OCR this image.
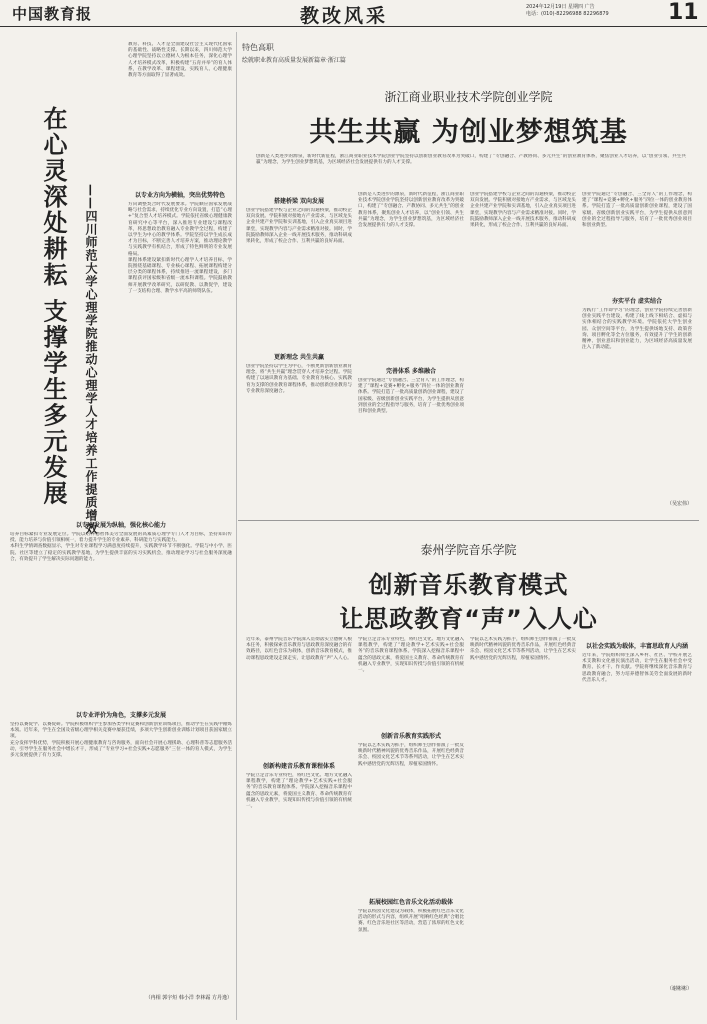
中国教育报	教改风采	2024年12月19日 星期四 广告
电话：(010)-82296988 82296879	11
教育、科技、人才是全面建设社会主义现代化国家的基础性、战略性支撑。长期以来，四川师范大学心理学院坚持以立德树人为根本任务，深化心理学人才培养模式改革，积极构建“五育并举”的育人体系，在教学改革、课程建设、实践育人、心理健康教育等方面取得了显著成效。
在心灵深处耕耘 支撑学生多元发展	——四川师范大学心理学院推动心理学人才培养工作提质增效	以专业方向为横轴，突出优势特色
方向调整契合时代发展要求。学院顺应国家发展战略与社会需求，持续优化专业方向设置，打造“心理+”复合型人才培养模式。学院依托省级心理健康教育研究中心等平台，深入推进专业建设与课程改革，将思想政治教育融入专业教学全过程，构建了以学生为中心的教学体系。学院坚持以学生成长成才为目标，不断完善人才培养方案，推动理论教学与实践教学有机结合，形成了特色鲜明的专业发展格局。
课程体系建设紧扣新时代心理学人才培养目标，学院围绕基础课程、专业核心课程、拓展课程构建分层分类的课程体系，持续推进一流课程建设，多门课程获评国家级和省级一流本科课程。学院鼓励教师开展教学改革研究，以研促教、以教促学，建设了一支结构合理、教学水平高的师资队伍。
以专业发展为纵轴，强化核心能力
培养目标紧扣专业发展定位。学院以培养德智体美劳全面发展的高素质心理学专门人才为目标，坚持知识传授、能力培养与价值引领相统一，着力提升学生的专业素养、科研能力与实践能力。
本科生学情调查数据显示，学生对专业课程学习满意度持续提升，实践教学环节不断强化。学院与中小学、医院、社区等建立了稳定的实践教学基地，为学生提供丰富的实习实践机会，推动理论学习与社会服务深度融合，有效提升了学生解决实际问题的能力。
以专业评价为角色，支撑多元发展
坚持以赛促学、以赛促研。学院积极组织学生参加各类学科竞赛和创新创业训练项目，推动学生在实践中锤炼本领。近年来，学生在全国及省级心理学相关竞赛中屡获佳绩，多项大学生创新创业训练计划项目获国家级立项。
充分发挥学科优势，学院积极开展心理健康教育与咨询服务，面向社会开展心理援助、心理科普等志愿服务活动，引导学生在服务社会中增长才干，形成了“专业学习+社会实践+志愿服务”三位一体的育人模式，为学生多元发展提供了有力支撑。
（冉相 郭宇烜 韩小洋 李林霜 方丹逸）
特色高职
绘就职业教育高质量发展新篇章·浙江篇
浙江商业职业技术学院创业学院
共生共赢 为创业梦想筑基
创新是人类进步的源泉，新时代新征程，浙江商业职业技术学院创业学院坚持以创新创业教育改革为突破口，构建了“专创融合、产教协同、多元共生”的创业教育体系，聚焦创业人才培养，以“创业引领、共生共赢”为理念，为学生创业梦想筑基，为区域经济社会发展提供有力的人才支撑。
搭建桥梁 双向发展
创业学院搭建学校与企业之间的沟通桥梁，推动校企双向发展。学院积极对接地方产业需求，与区域龙头企业共建产业学院和实训基地，引入企业真实项目进课堂，实现教学内容与产业需求精准对接。同时，学院鼓励教师深入企业一线开展技术服务，推动科研成果转化，形成了校企合作、互利共赢的良好局面。
更新理念 共生共赢
创业学院坚持以学生为中心，不断更新创新创业教育理念，将“共生共赢”理念贯穿人才培养全过程。学院构建了以通识教育为基础、专业教育为核心、实践教育为支撑的创业教育课程体系，推动创新创业教育与专业教育深度融合。
创新是人类进步的源泉，新时代新征程，浙江商业职业技术学院创业学院坚持以创新创业教育改革为突破口，构建了“专创融合、产教协同、多元共生”的创业教育体系，聚焦创业人才培养，以“创业引领、共生共赢”为理念，为学生创业梦想筑基，为区域经济社会发展提供有力的人才支撑。
完善体系 多维融合
创业学院通过“专创融合、三全育人”的工作理念，构建了“课程+竞赛+孵化+服务”四位一体的创业教育体系。学院打造了一批高质量创新创业课程，建设了国家级、省级创新创业实践平台，为学生提供从创意到创业的全过程指导与服务，培育了一批优秀创业项目和创业典型。
创业学院搭建学校与企业之间的沟通桥梁，推动校企双向发展。学院积极对接地方产业需求，与区域龙头企业共建产业学院和实训基地，引入企业真实项目进课堂，实现教学内容与产业需求精准对接。同时，学院鼓励教师深入企业一线开展技术服务，推动科研成果转化，形成了校企合作、互利共赢的良好局面。
创业学院通过“专创融合、三全育人”的工作理念，构建了“课程+竞赛+孵化+服务”四位一体的创业教育体系。学院打造了一批高质量创新创业课程，建设了国家级、省级创新创业实践平台，为学生提供从创意到创业的全过程指导与服务，培育了一批优秀创业项目和创业典型。
夯实平台 虚实结合
为践行“工作即学习”的理念，创业学院持续完善创新创业实践平台建设，构建了线上线下相结合、虚拟与实体相结合的实践教学环境。学院依托大学生创业园、众创空间等平台，为学生提供场地支持、政策咨询、项目孵化等全方位服务，有效提升了学生的创新精神、创业意识和创业能力，为区域经济高质量发展注入了新动能。
（吴宏伟）
泰州学院音乐学院
创新音乐教育模式
让思政教育“声”入人心
近年来，泰州学院音乐学院深入贯彻落实立德树人根本任务，积极探索音乐教育与思政教育深度融合的有效路径，以红色音乐为载体，创新音乐教育模式，推动课程思政建设走深走实，让思政教育“声”入人心。
创新构建音乐教育课程体系
学院立足音乐专业特色，将红色文化、地方文化融入课程教学，构建了“理论教学+艺术实践+社会服务”的音乐教育课程体系。学院深入挖掘音乐课程中蕴含的思政元素，将爱国主义教育、革命传统教育有机融入专业教学，实现知识传授与价值引领的有机统一。
学院立足音乐专业特色，将红色文化、地方文化融入课程教学，构建了“理论教学+艺术实践+社会服务”的音乐教育课程体系。学院深入挖掘音乐课程中蕴含的思政元素，将爱国主义教育、革命传统教育有机融入专业教学，实现知识传授与价值引领的有机统一。
创新音乐教育实践形式
学院以艺术实践为抓手，组织师生创作排演了一批反映新时代精神风貌的优秀音乐作品，开展红色经典音乐会、校园文化艺术节等系列活动，让学生在艺术实践中感悟党的光辉历程，厚植家国情怀。
拓展校园红色音乐文化活动载体
学院以校园文化建设为载体，积极拓展红色音乐文化活动的形式与内容，组织开展“唱响红色经典”合唱比赛、红色音乐进社区等活动，营造了浓厚的红色文化氛围。
学院以艺术实践为抓手，组织师生创作排演了一批反映新时代精神风貌的优秀音乐作品，开展红色经典音乐会、校园文化艺术节等系列活动，让学生在艺术实践中感悟党的光辉历程，厚植家国情怀。
以社会实践为载体，丰富思政育人内涵
近年来，学院组织师生深入乡村、社区、学校开展艺术支教和文化惠民演出活动，让学生在服务社会中受教育、长才干、作贡献。学院将继续深化音乐教育与思政教育融合，努力培养德智体美劳全面发展的新时代音乐人才。
（谢彬彬）
